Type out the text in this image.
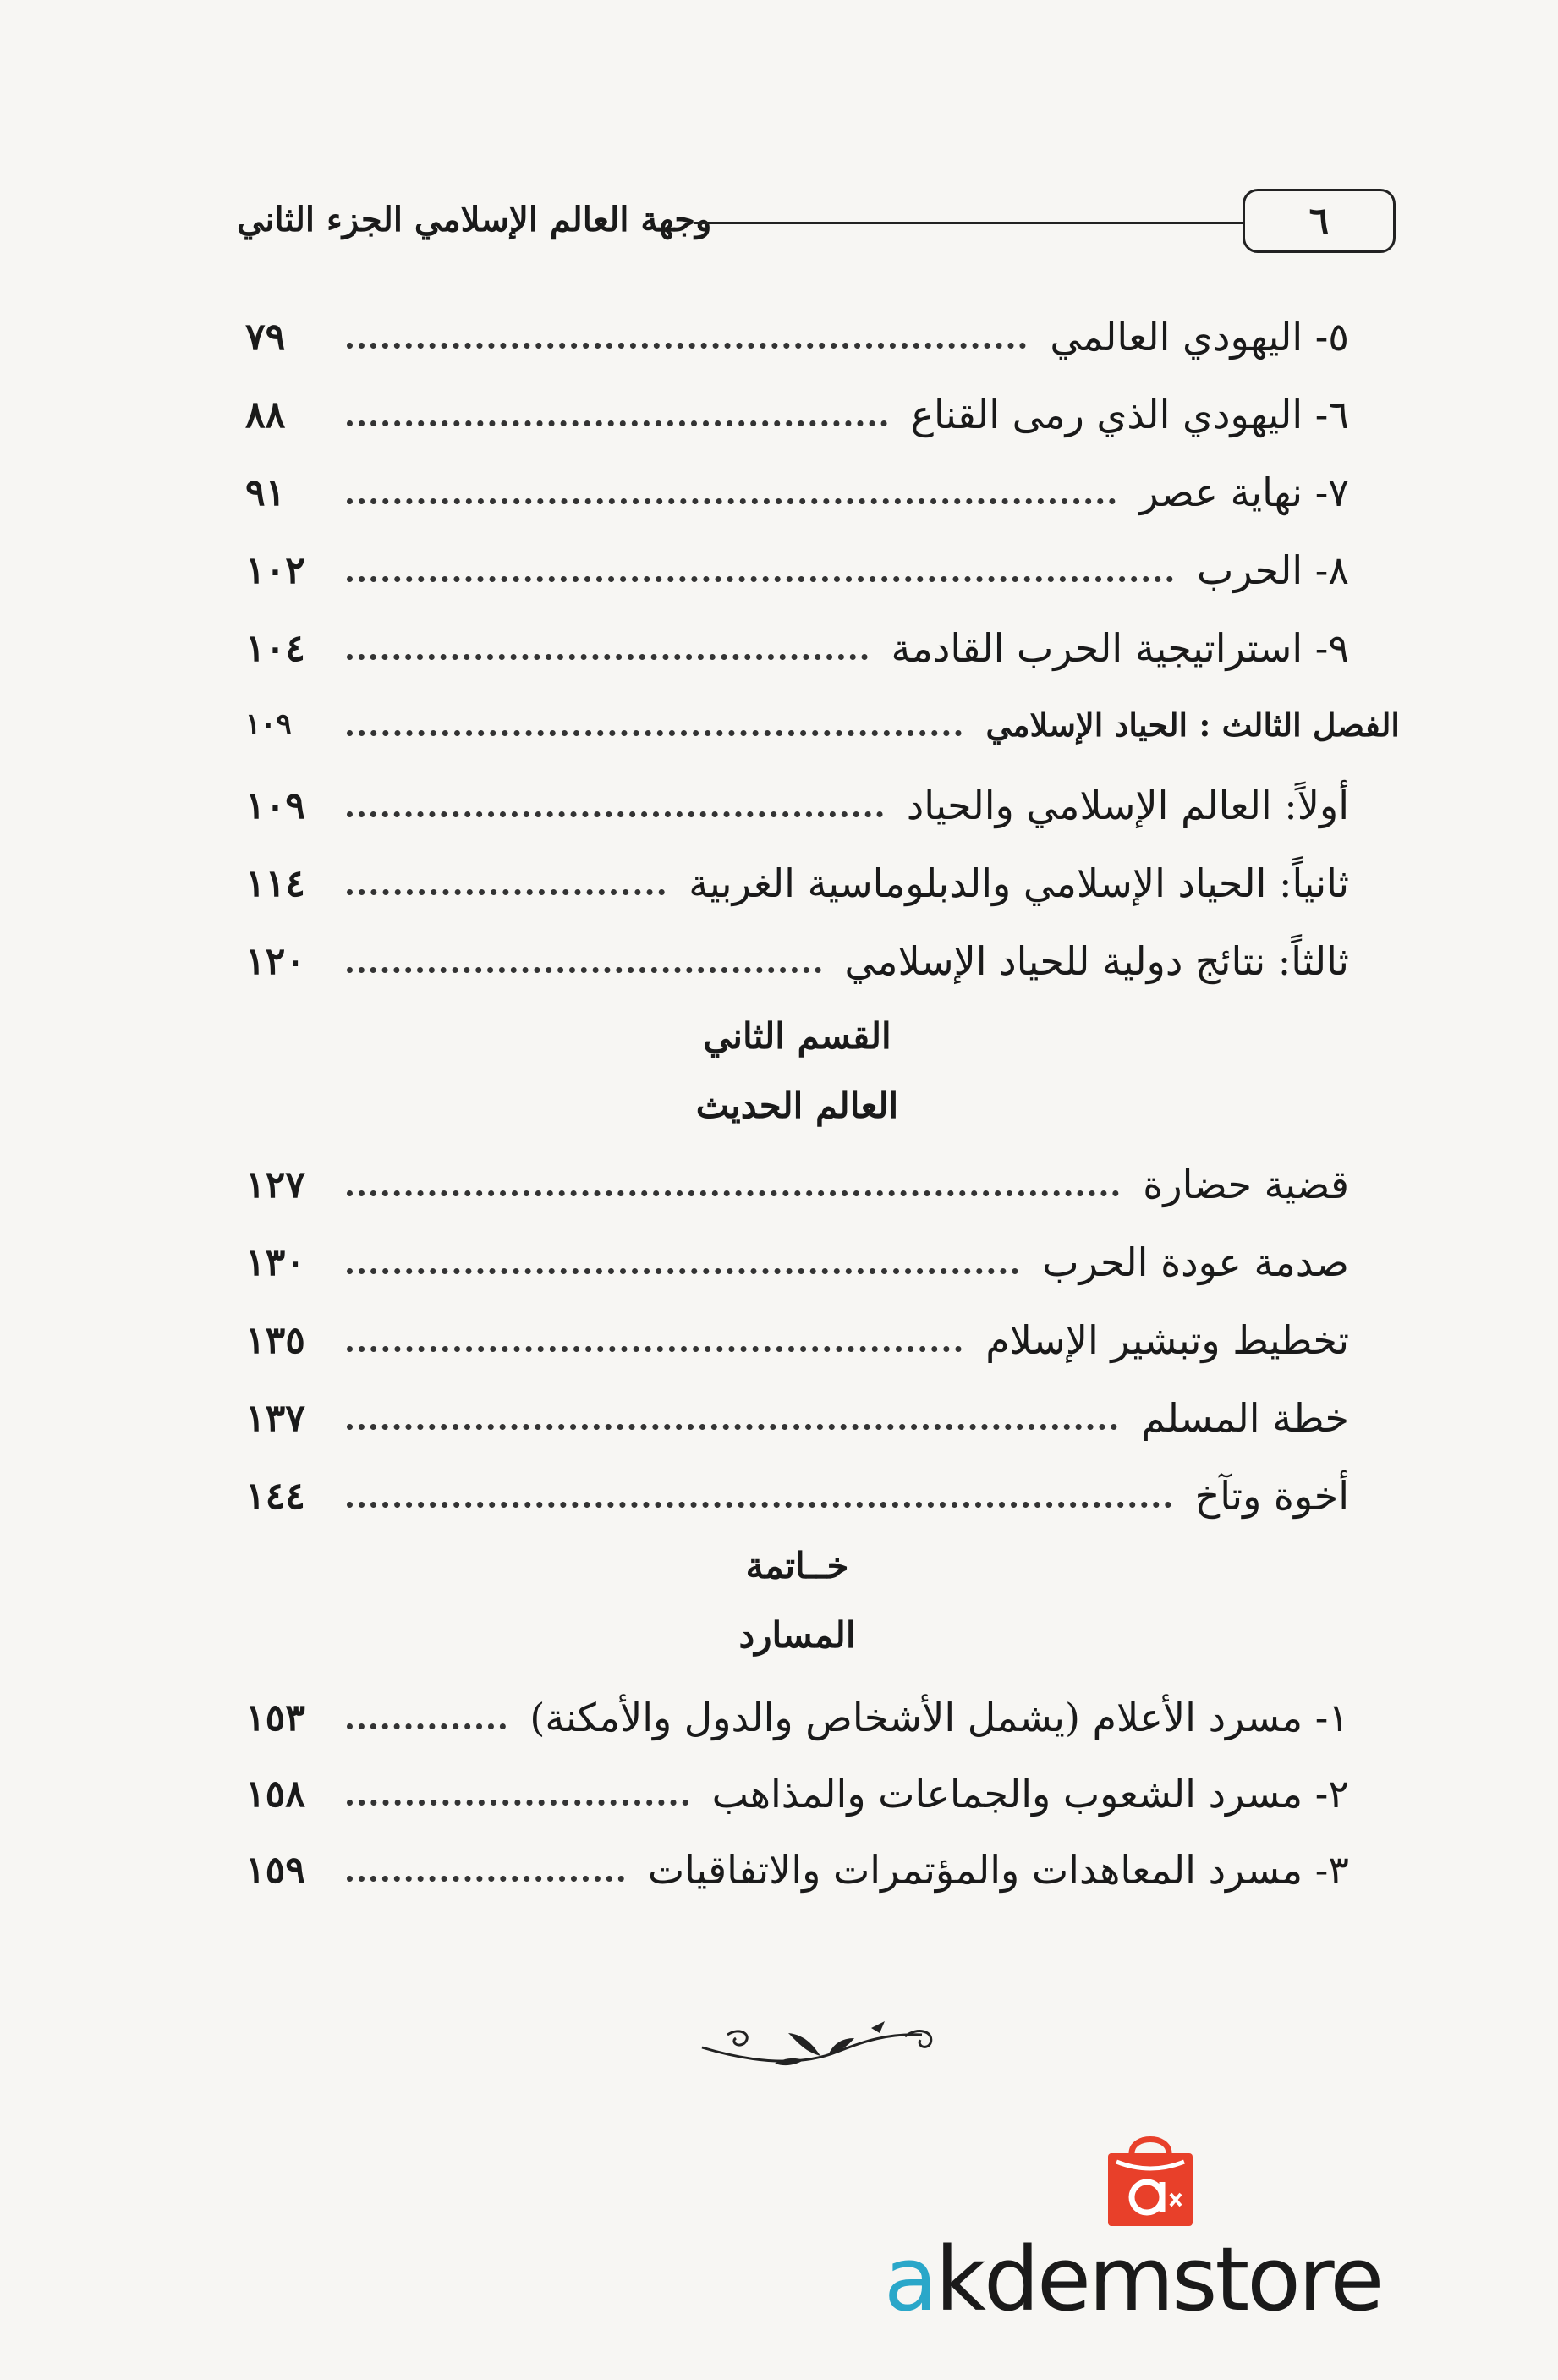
وجهة العالم الإسلامي الجزء الثاني	٦
٥- اليهودي العالمي
٧٩
٦- اليهودي الذي رمى القناع
٨٨
٧- نهاية عصر
٩١
٨- الحرب
١٠٢
٩- استراتيجية الحرب القادمة
١٠٤
الفصل الثالث : الحياد الإسلامي
١٠٩
أولاً: العالم الإسلامي والحياد
١٠٩
ثانياً: الحياد الإسلامي والدبلوماسية الغربية
١١٤
ثالثاً: نتائج دولية للحياد الإسلامي
١٢٠
قضية حضارة
١٢٧
صدمة عودة الحرب
١٣٠
تخطيط وتبشير الإسلام
١٣٥
خطة المسلم
١٣٧
أخوة وتآخ
١٤٤
١- مسرد الأعلام (يشمل الأشخاص والدول والأمكنة)
١٥٣
٢- مسرد الشعوب والجماعات والمذاهب
١٥٨
٣- مسرد المعاهدات والمؤتمرات والاتفاقيات
١٥٩
القسم الثاني
العالم الحديث
خــاتمة
المسارد
akdemstore
